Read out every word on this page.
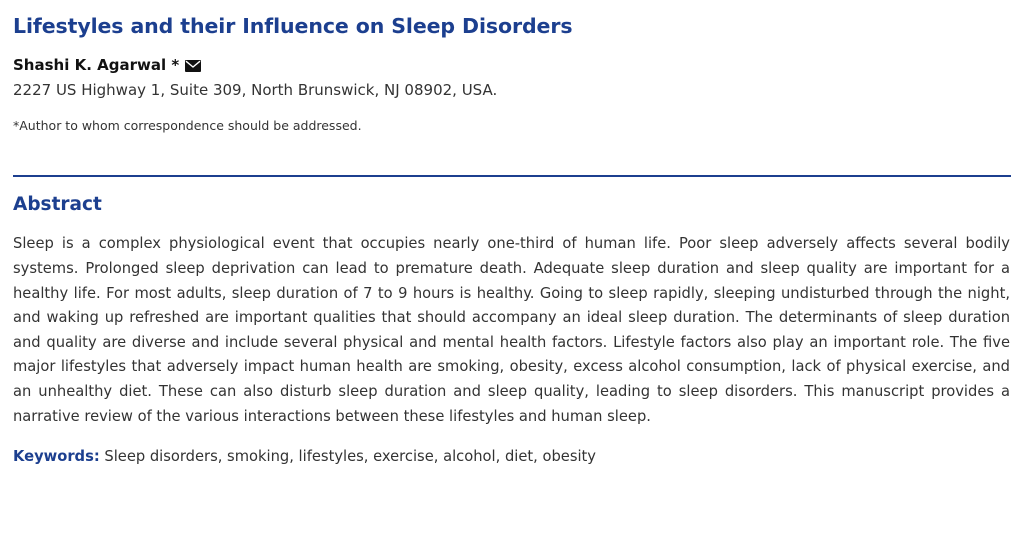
Lifestyles and their Influence on Sleep Disorders
Shashi K. Agarwal *
2227 US Highway 1, Suite 309, North Brunswick, NJ 08902, USA.
*Author to whom correspondence should be addressed.
Abstract

Sleep is a complex physiological event that occupies nearly one-third of human life. Poor sleep adversely affects several bodily systems. Prolonged sleep deprivation can lead to premature death. Adequate sleep duration and sleep quality are important for a healthy life. For most adults, sleep duration of 7 to 9 hours is healthy. Going to sleep rapidly, sleeping undisturbed through the night, and waking up refreshed are important qualities that should accompany an ideal sleep duration. The determinants of sleep duration and quality are diverse and include several physical and mental health factors. Lifestyle factors also play an important role. The five major lifestyles that adversely impact human health are smoking, obesity, excess alcohol consumption, lack of physical exercise, and an unhealthy diet. These can also disturb sleep duration and sleep quality, leading to sleep disorders. This manuscript provides a narrative review of the various interactions between these lifestyles and human sleep.

Keywords: Sleep disorders, smoking, lifestyles, exercise, alcohol, diet, obesity
